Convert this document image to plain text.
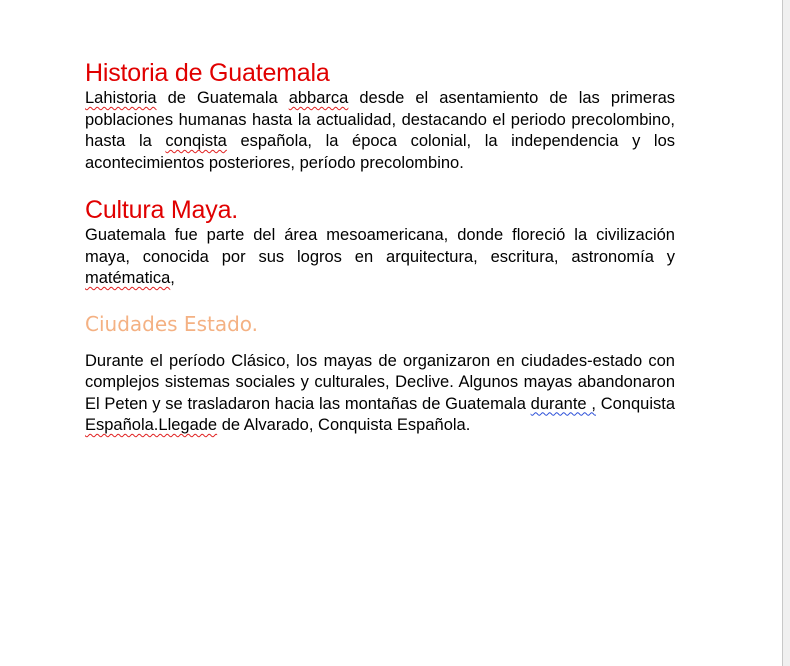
Historia de Guatemala

Lahistoria de Guatemala abbarca desde el asentamiento de las primeras poblaciones humanas hasta la actualidad, destacando el periodo precolombino, hasta la conqista española, la época colonial, la independencia y los acontecimientos posteriores, período precolombino.

Cultura Maya.

Guatemala fue parte del área mesoamericana, donde floreció la civilización maya, conocida por sus logros en arquitectura, escritura, astronomía y matématica,

Ciudades Estado.

Durante el período Clásico, los mayas de organizaron en ciudades-estado con complejos sistemas sociales y culturales, Declive. Algunos mayas abandonaron El Peten y se trasladaron hacia las montañas de Guatemala durante , Conquista Española.Llegade de Alvarado, Conquista Española.
